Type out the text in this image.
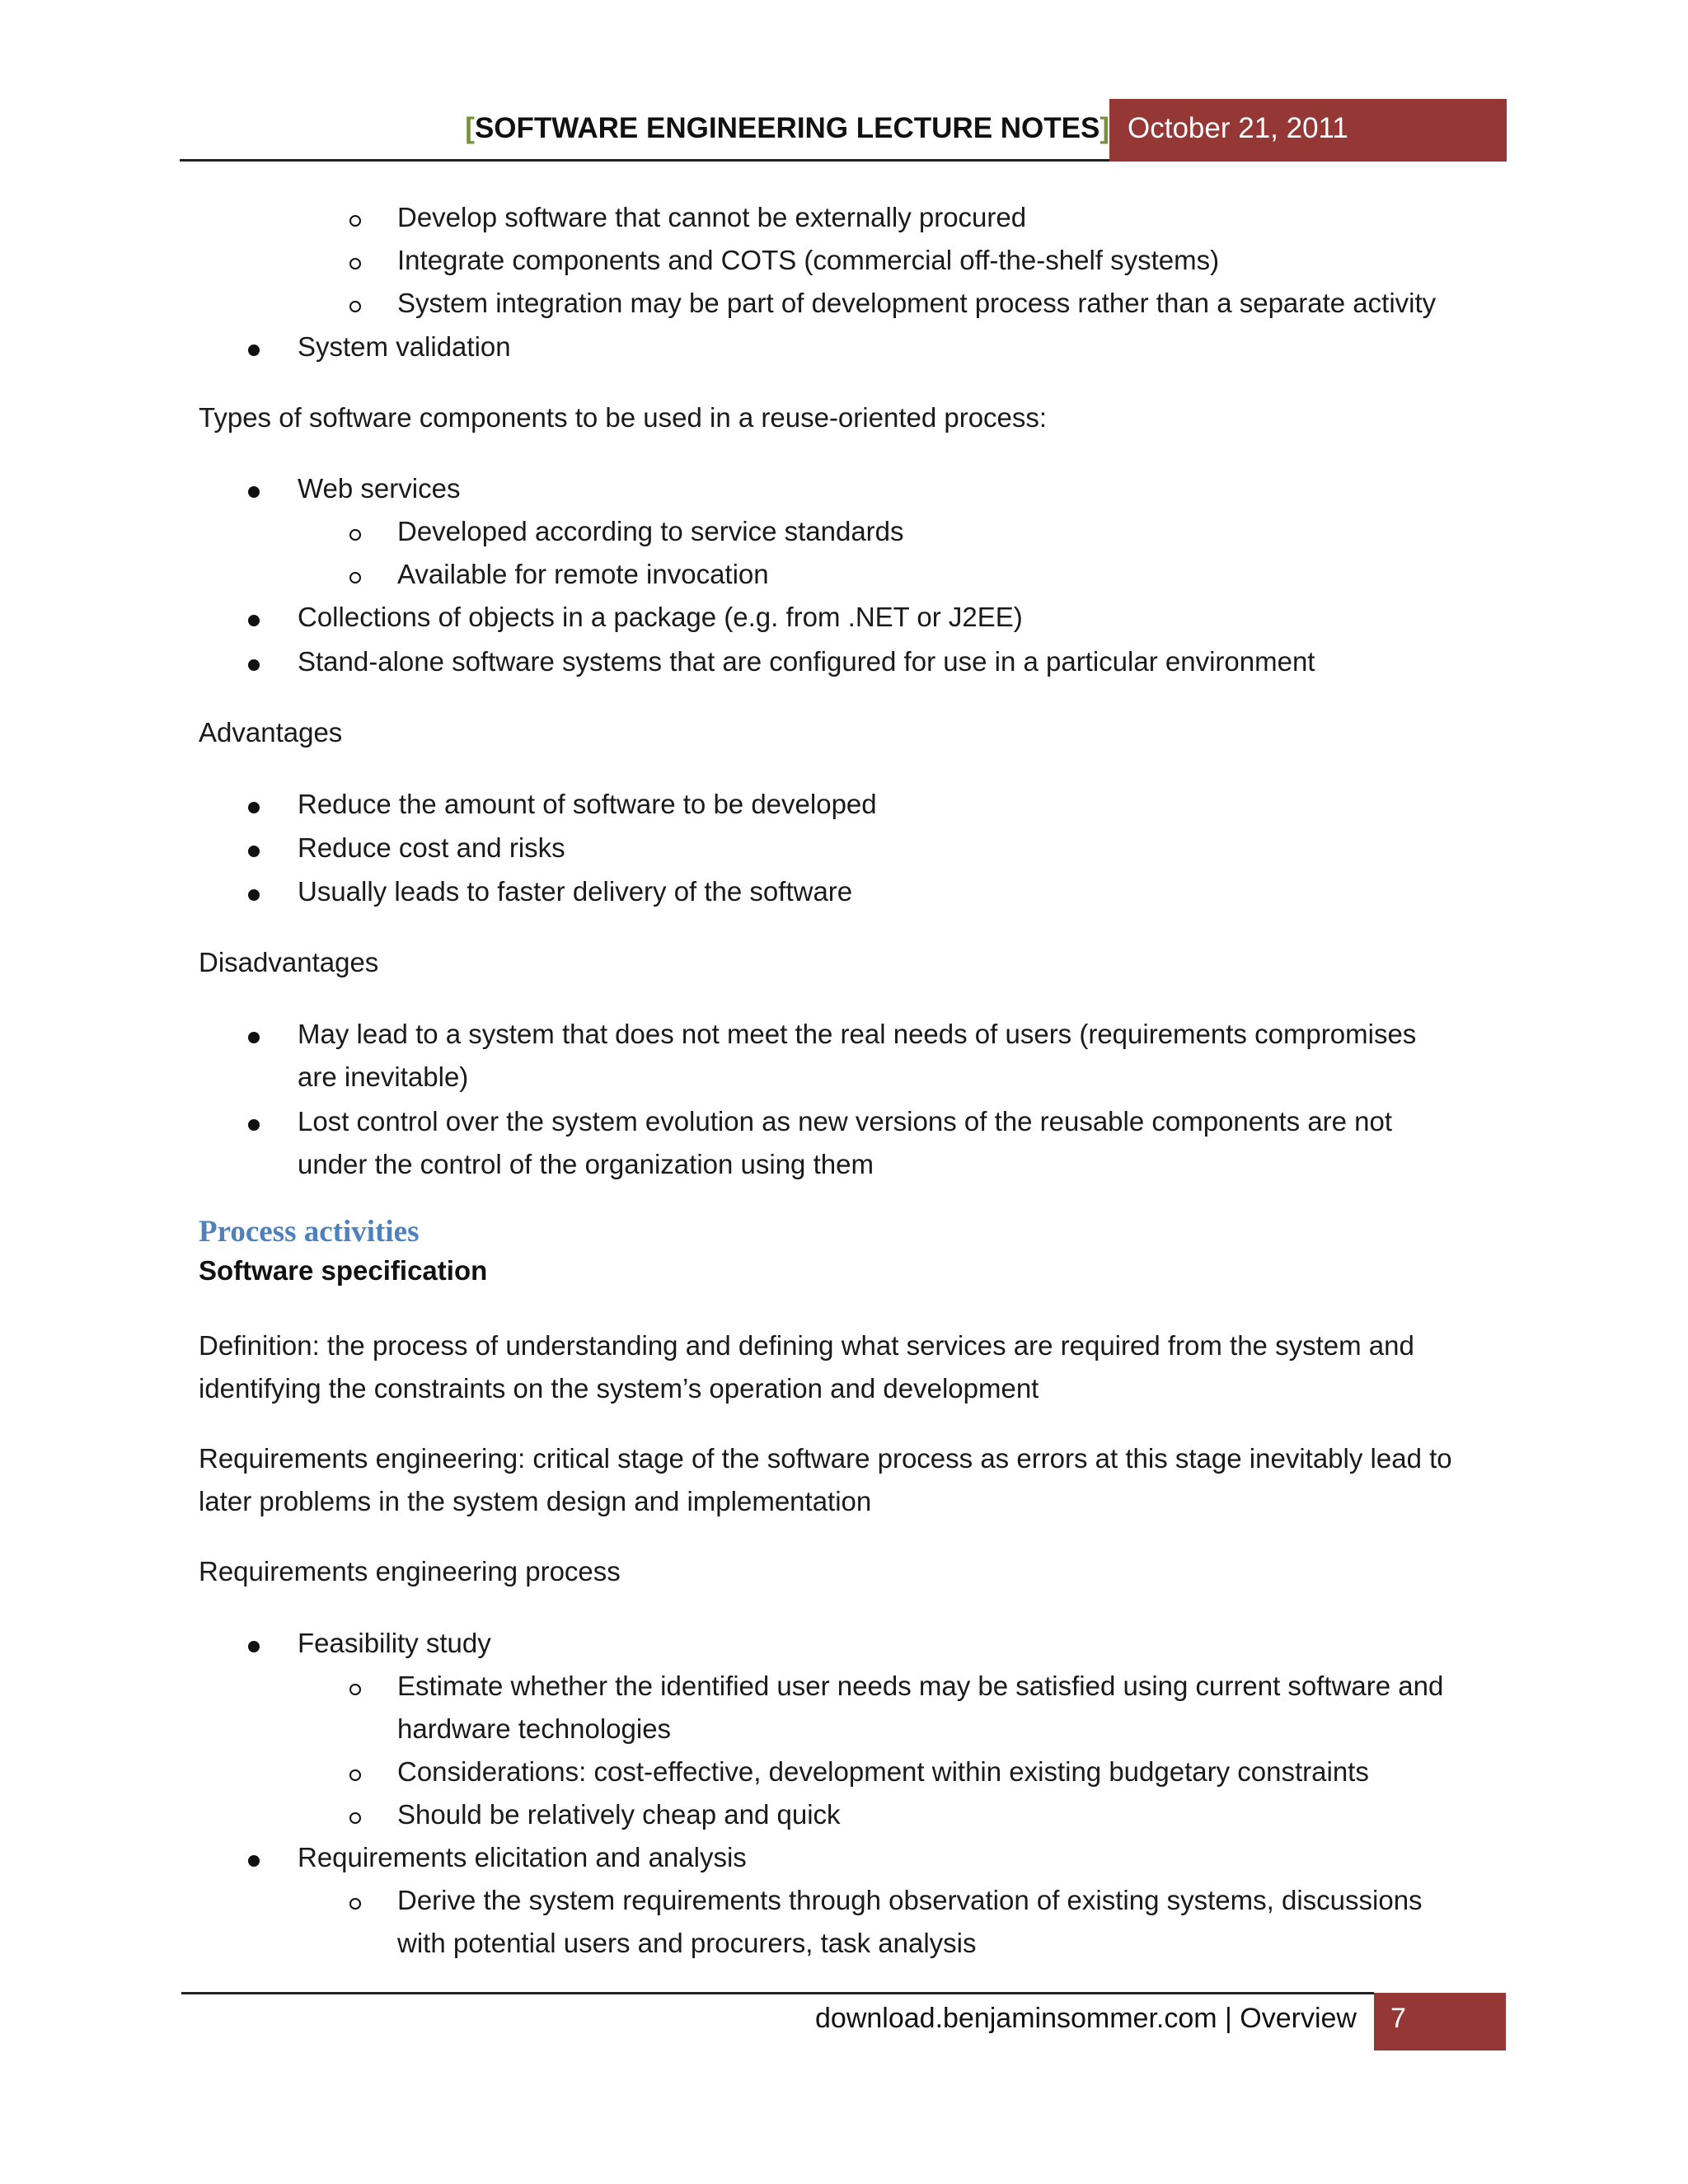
[SOFTWARE ENGINEERING LECTURE NOTES] October 21, 2011
Develop software that cannot be externally procured
Integrate components and COTS (commercial off-the-shelf systems)
System integration may be part of development process rather than a separate activity
System validation
Types of software components to be used in a reuse-oriented process:
Web services
Developed according to service standards
Available for remote invocation
Collections of objects in a package (e.g. from .NET or J2EE)
Stand-alone software systems that are configured for use in a particular environment
Advantages
Reduce the amount of software to be developed
Reduce cost and risks
Usually leads to faster delivery of the software
Disadvantages
May lead to a system that does not meet the real needs of users (requirements compromises
are inevitable)
Lost control over the system evolution as new versions of the reusable components are not
under the control of the organization using them
Process activities
Software specification
Definition: the process of understanding and defining what services are required from the system and
identifying the constraints on the system’s operation and development
Requirements engineering: critical stage of the software process as errors at this stage inevitably lead to
later problems in the system design and implementation
Requirements engineering process
Feasibility study
Estimate whether the identified user needs may be satisfied using current software and
hardware technologies
Considerations: cost-effective, development within existing budgetary constraints
Should be relatively cheap and quick
Requirements elicitation and analysis
Derive the system requirements through observation of existing systems, discussions
with potential users and procurers, task analysis
download.benjaminsommer.com | Overview	7
